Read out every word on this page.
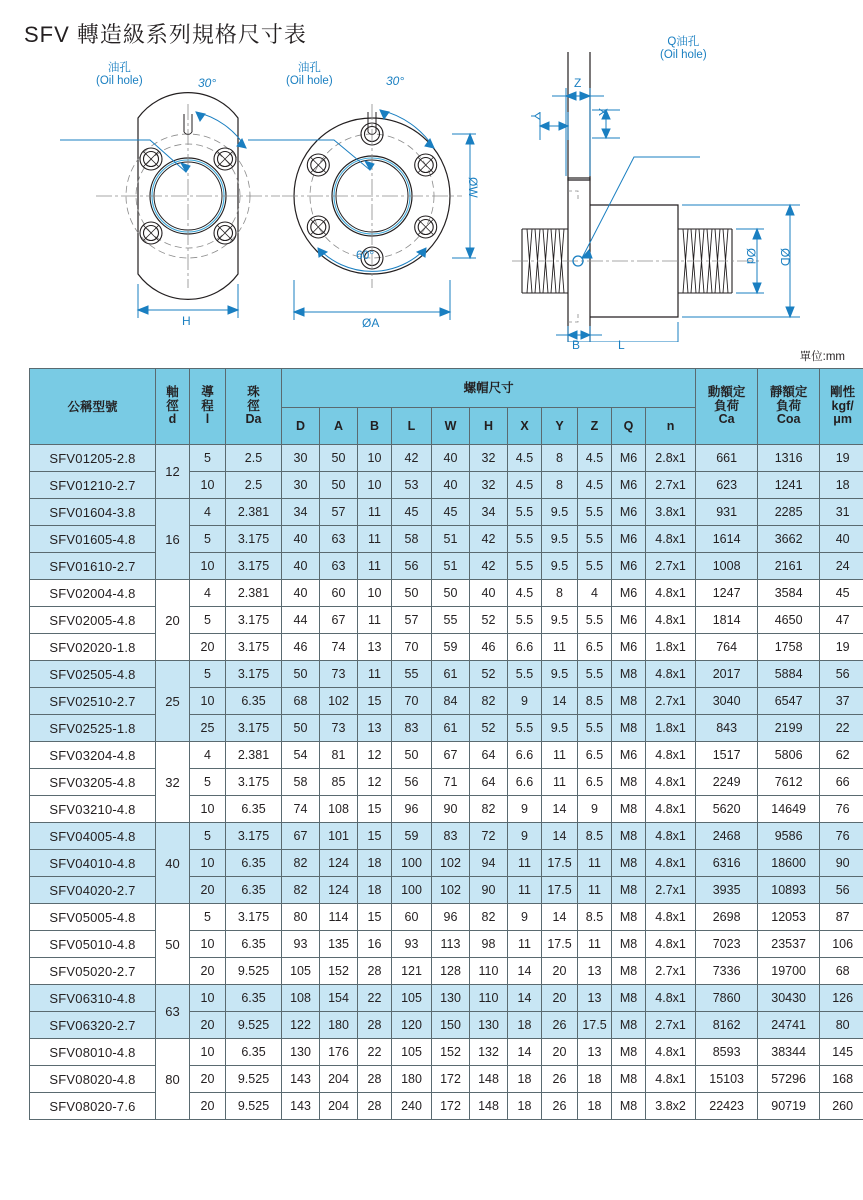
SFV 轉造級系列規格尺寸表
油孔
(Oil hole)	30°
油孔
(Oil hole)	30°
60°
H
ØW
ØA
Z
Y	X
Q油孔
(Oil hole)
Ød ØD
B	L
單位:mm
公稱型號	軸
徑
d	導
程
l	珠
徑
Da	螺帽尺寸											動額定
負荷
Ca	靜額定
負荷
Coa	剛性
kgf/
μm

				D	A	B	L	W	H	X	Y	Z	Q	n			
SFV01205-2.8	12	5	2.5	30	50	10	42	40	32	4.5	8	4.5	M6	2.8x1	661	1316	19
SFV01210-2.7		10	2.5	30	50	10	53	40	32	4.5	8	4.5	M6	2.7x1	623	1241	18
SFV01604-3.8	16	4	2.381	34	57	11	45	45	34	5.5	9.5	5.5	M6	3.8x1	931	2285	31
SFV01605-4.8		5	3.175	40	63	11	58	51	42	5.5	9.5	5.5	M6	4.8x1	1614	3662	40
SFV01610-2.7		10	3.175	40	63	11	56	51	42	5.5	9.5	5.5	M6	2.7x1	1008	2161	24
SFV02004-4.8	20	4	2.381	40	60	10	50	50	40	4.5	8	4	M6	4.8x1	1247	3584	45
SFV02005-4.8		5	3.175	44	67	11	57	55	52	5.5	9.5	5.5	M6	4.8x1	1814	4650	47
SFV02020-1.8		20	3.175	46	74	13	70	59	46	6.6	11	6.5	M6	1.8x1	764	1758	19
SFV02505-4.8	25	5	3.175	50	73	11	55	61	52	5.5	9.5	5.5	M8	4.8x1	2017	5884	56
SFV02510-2.7		10	6.35	68	102	15	70	84	82	9	14	8.5	M8	2.7x1	3040	6547	37
SFV02525-1.8		25	3.175	50	73	13	83	61	52	5.5	9.5	5.5	M8	1.8x1	843	2199	22
SFV03204-4.8	32	4	2.381	54	81	12	50	67	64	6.6	11	6.5	M6	4.8x1	1517	5806	62
SFV03205-4.8		5	3.175	58	85	12	56	71	64	6.6	11	6.5	M8	4.8x1	2249	7612	66
SFV03210-4.8		10	6.35	74	108	15	96	90	82	9	14	9	M8	4.8x1	5620	14649	76
SFV04005-4.8	40	5	3.175	67	101	15	59	83	72	9	14	8.5	M8	4.8x1	2468	9586	76
SFV04010-4.8		10	6.35	82	124	18	100	102	94	11	17.5	11	M8	4.8x1	6316	18600	90
SFV04020-2.7		20	6.35	82	124	18	100	102	90	11	17.5	11	M8	2.7x1	3935	10893	56
SFV05005-4.8	50	5	3.175	80	114	15	60	96	82	9	14	8.5	M8	4.8x1	2698	12053	87
SFV05010-4.8		10	6.35	93	135	16	93	113	98	11	17.5	11	M8	4.8x1	7023	23537	106
SFV05020-2.7		20	9.525	105	152	28	121	128	110	14	20	13	M8	2.7x1	7336	19700	68
SFV06310-4.8	63	10	6.35	108	154	22	105	130	110	14	20	13	M8	4.8x1	7860	30430	126
SFV06320-2.7		20	9.525	122	180	28	120	150	130	18	26	17.5	M8	2.7x1	8162	24741	80
SFV08010-4.8	80	10	6.35	130	176	22	105	152	132	14	20	13	M8	4.8x1	8593	38344	145
SFV08020-4.8		20	9.525	143	204	28	180	172	148	18	26	18	M8	4.8x1	15103	57296	168
SFV08020-7.6		20	9.525	143	204	28	240	172	148	18	26	18	M8	3.8x2	22423	90719	260
